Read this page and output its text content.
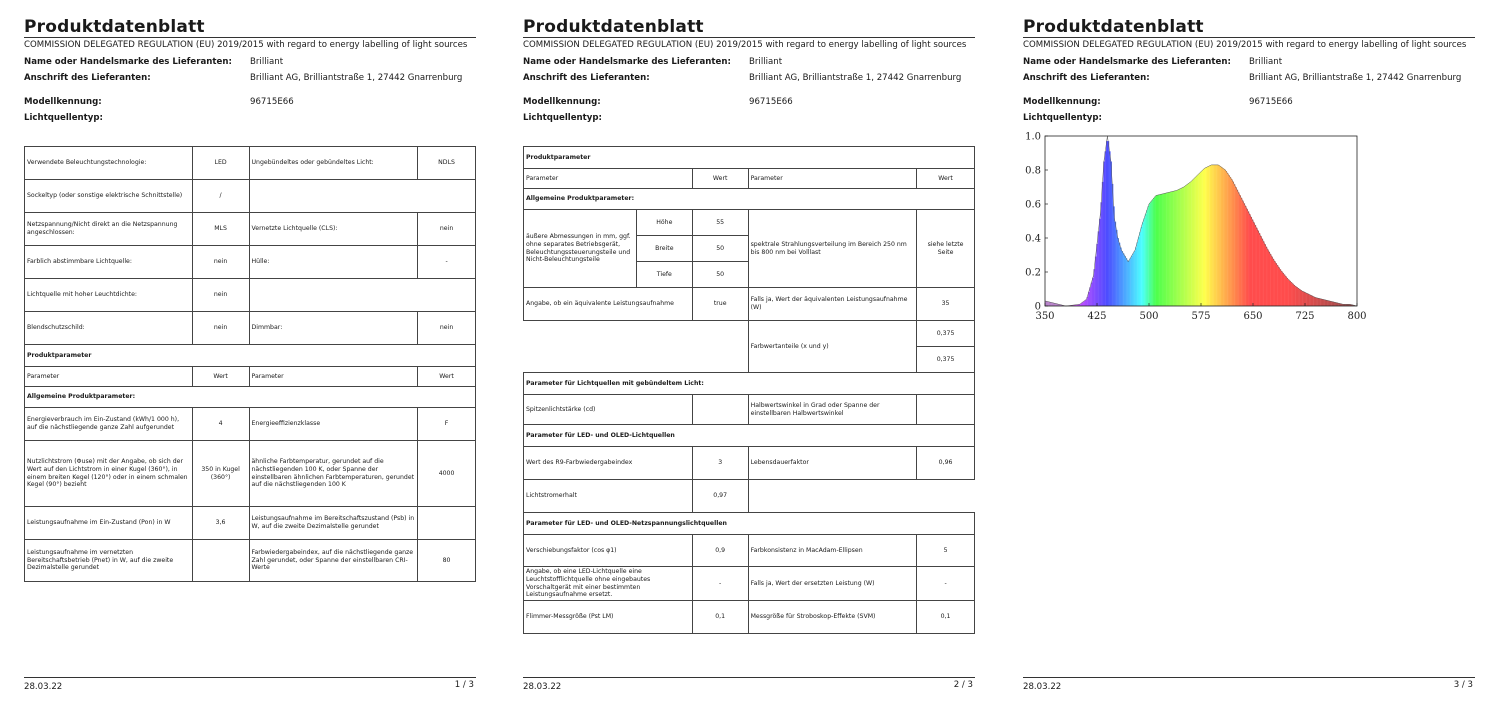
Produktdatenblatt
COMMISSION DELEGATED REGULATION (EU) 2019/2015 with regard to energy labelling of light sources
Name oder Handelsmarke des Lieferanten: Brilliant
Anschrift des Lieferanten:	Brilliant AG, Brilliantstraße 1, 27442 Gnarrenburg
Modellkennung:	96715E66
Lichtquellentyp:
Verwendete Beleuchtungstechnologie:	LED	Ungebündeltes oder gebündeltes Licht:	NDLS
Sockeltyp (oder sonstige elektrische Schnittstelle)	/		
Netzspannung/Nicht direkt an die Netzspannung angeschlossen:	MLS	Vernetzte Lichtquelle (CLS):	nein
Farblich abstimmbare Lichtquelle:	nein	Hülle:	-
Lichtquelle mit hoher Leuchtdichte:	nein		
Blendschutzschild:	nein	Dimmbar:	nein
Produktparameter			
Parameter	Wert	Parameter	Wert
Allgemeine Produktparameter:			
Energieverbrauch im Ein-Zustand (kWh/1 000 h), auf die nächstliegende ganze Zahl aufgerundet	4	Energieeffizienzklasse	F
Nutzlichtstrom (Φuse) mit der Angabe, ob sich der Wert auf den Lichtstrom in einer Kugel (360°), in einem breiten Kegel (120°) oder in einem schmalen Kegel (90°) bezieht	350 in Kugel (360°)	ähnliche Farbtemperatur, gerundet auf die nächstliegenden 100 K, oder Spanne der einstellbaren ähnlichen Farbtemperaturen, gerundet auf die nächstliegenden 100 K	4000
Leistungsaufnahme im Ein-Zustand (Pon) in W	3,6	Leistungsaufnahme im Bereitschaftszustand (Psb) in W, auf die zweite Dezimalstelle gerundet	
Leistungsaufnahme im vernetzten Bereitschaftsbetrieb (Pnet) in W, auf die zweite Dezimalstelle gerundet		Farbwiedergabeindex, auf die nächstliegende ganze Zahl gerundet, oder Spanne der einstellbaren CRI-Werte	80
28.03.22	1 / 3
Produktdatenblatt
COMMISSION DELEGATED REGULATION (EU) 2019/2015 with regard to energy labelling of light sources
Name oder Handelsmarke des Lieferanten: Brilliant
Anschrift des Lieferanten:	Brilliant AG, Brilliantstraße 1, 27442 Gnarrenburg
Modellkennung:	96715E66
Lichtquellentyp:
Produktparameter				
Parameter		Wert	Parameter	Wert
Allgemeine Produktparameter:				
äußere Abmessungen in mm, ggf. ohne separates Betriebsgerät, Beleuchtungssteuerungsteile und Nicht-Beleuchtungsteile	Höhe	55	spektrale Strahlungsverteilung im Bereich 250 nm bis 800 nm bei Volllast	siehe letzte Seite
	Breite	50		
	Tiefe	50		
Angabe, ob ein äquivalente Leistungsaufnahme		true	Falls ja, Wert der äquivalenten Leistungsaufnahme (W)	35
			Farbwertanteile (x und y)	0,375
				0,375
Parameter für Lichtquellen mit gebündeltem Licht:				
Spitzenlichtstärke (cd)			Halbwertswinkel in Grad oder Spanne der einstellbaren Halbwertswinkel	
Parameter für LED- und OLED-Lichtquellen				
Wert des R9-Farbwiedergabeindex		3	Lebensdauerfaktor	0,96
Lichtstromerhalt		0,97		
Parameter für LED- und OLED-Netzspannungslichtquellen				
Verschiebungsfaktor (cos φ1)		0,9	Farbkonsistenz in MacAdam-Ellipsen	5
Angabe, ob eine LED-Lichtquelle eine Leuchtstofflichtquelle ohne eingebautes Vorschaltgerät mit einer bestimmten Leistungsaufnahme ersetzt.		-	Falls ja, Wert der ersetzten Leistung (W)	-
Flimmer-Messgröße (Pst LM)		0,1	Messgröße für Stroboskop-Effekte (SVM)	0,1
28.03.22	2 / 3
Produktdatenblatt
COMMISSION DELEGATED REGULATION (EU) 2019/2015 with regard to energy labelling of light sources
Name oder Handelsmarke des Lieferanten: Brilliant
Anschrift des Lieferanten:	Brilliant AG, Brilliantstraße 1, 27442 Gnarrenburg
Modellkennung:	96715E66
Lichtquellentyp:
350	425	500	575	650	725	800
0
0.2
0.4
0.6
0.8
1.0
28.03.22	3 / 3
